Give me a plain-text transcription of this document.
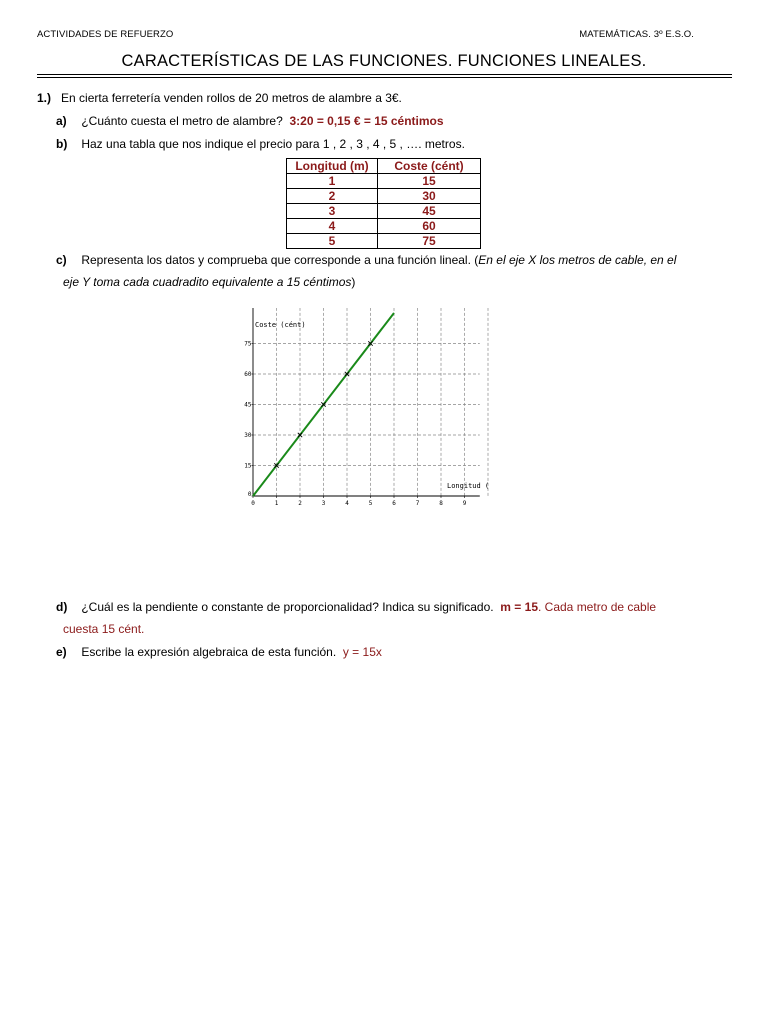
ACTIVIDADES DE REFUERZO	MATEMÁTICAS. 3º E.S.O.
CARACTERÍSTICAS DE LAS FUNCIONES. FUNCIONES LINEALES.
1.) En cierta ferretería venden rollos de 20 metros de alambre a 3€.
a) ¿Cuánto cuesta el metro de alambre? 3:20 = 0,15 € = 15 céntimos
b) Haz una tabla que nos indique el precio para 1 , 2 , 3 , 4 , 5 , …. metros.
Longitud (m)	Coste (cént)
1	15
2	30
3	45
4	60
5	75
c) Representa los datos y comprueba que corresponde a una función lineal. (En el eje X los metros de cable, en el
eje Y toma cada cuadradito equivalente a 15 céntimos)
0	1	2	3	4	5	6	7	8	9
0
15
30
45
60
75
Coste (cént)
Longitud (
d) ¿Cuál es la pendiente o constante de proporcionalidad? Indica su significado. m = 15. Cada metro de cable
cuesta 15 cént.
e) Escribe la expresión algebraica de esta función. y = 15x
